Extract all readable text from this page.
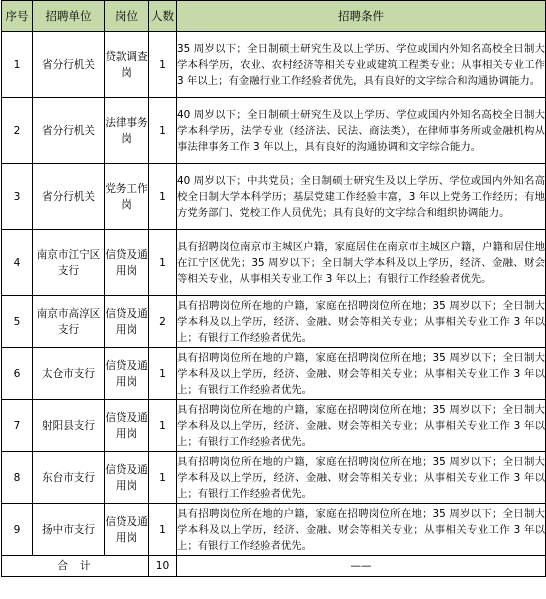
序号	招聘单位	岗位	人数	招聘条件
1	省分行机关	贷款调查岗	1	35 周岁以下；全日制硕士研究生及以上学历、学位或国内外知名高校全日制大学本科学历，农业、农村经济等相关专业或建筑工程类专业；从事相关专业工作 3 年以上；有金融行业工作经验者优先，具有良好的文字综合和沟通协调能力。
2	省分行机关	法律事务岗	1	40 周岁以下；全日制硕士研究生及以上学历、学位或国内外知名高校全日制大学本科学历，法学专业（经济法、民法、商法类），在律师事务所或金融机构从事法律事务工作 3 年以上，具有良好的沟通协调和文字综合能力。
3	省分行机关	党务工作岗	1	40 周岁以下；中共党员；全日制硕士研究生及以上学历、学位或国内外知名高校全日制大学本科学历；基层党建工作经验丰富，3 年以上党务工作经历；有地方党务部门、党校工作人员优先；具有良好的文字综合和组织协调能力。
4	南京市江宁区支行	信贷及通用岗	1	具有招聘岗位南京市主城区户籍，家庭居住在南京市主城区户籍，户籍和居住地在江宁区优先；35 周岁以下；全日制大学本科及以上学历，经济、金融、财会等相关专业，从事相关专业工作 3 年以上；有银行工作经验者优先。
5	南京市高淳区支行	信贷及通用岗	2	具有招聘岗位所在地的户籍，家庭在招聘岗位所在地；35 周岁以下；全日制大学本科及以上学历，经济、金融、财会等相关专业；从事相关专业工作 3 年以上；有银行工作经验者优先。
6	太仓市支行	信贷及通用岗	1	具有招聘岗位所在地的户籍，家庭在招聘岗位所在地；35 周岁以下；全日制大学本科及以上学历，经济、金融、财会等相关专业；从事相关专业工作 3 年以上；有银行工作经验者优先。
7	射阳县支行	信贷及通用岗	1	具有招聘岗位所在地的户籍，家庭在招聘岗位所在地；35 周岁以下；全日制大学本科及以上学历，经济、金融、财会等相关专业；从事相关专业工作 3 年以上；有银行工作经验者优先。
8	东台市支行	信贷及通用岗	1	具有招聘岗位所在地的户籍，家庭在招聘岗位所在地；35 周岁以下；全日制大学本科及以上学历，经济、金融、财会等相关专业；从事相关专业工作 3 年以上；有银行工作经验者优先。
9	扬中市支行	信贷及通用岗	1	具有招聘岗位所在地的户籍，家庭在招聘岗位所在地；35 周岁以下；全日制大学本科及以上学历，经济、金融、财会等相关专业；从事相关专业工作 3 年以上；有银行工作经验者优先。
合计			10	——
